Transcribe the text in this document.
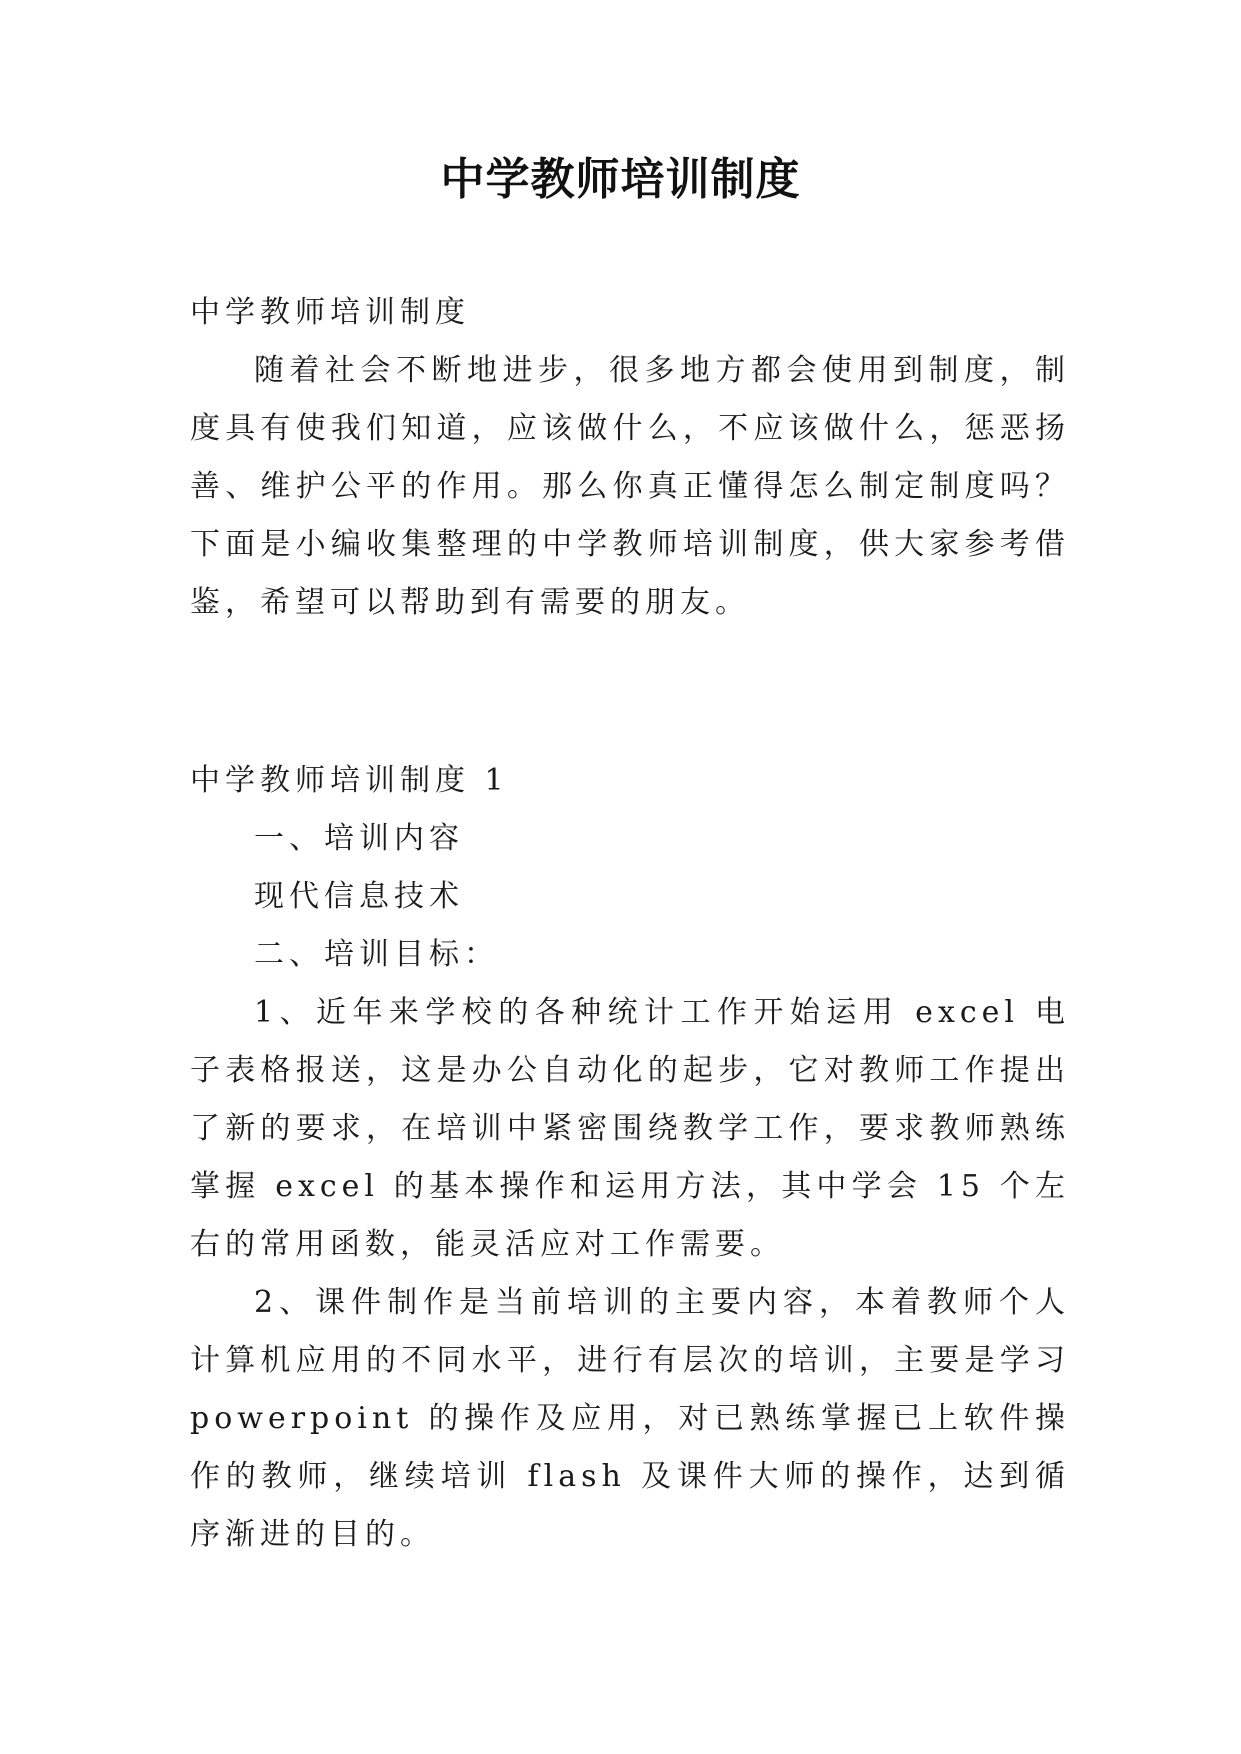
中学教师培训制度

中学教师培训制度

随着社会不断地进步，很多地方都会使用到制度，制度具有使我们知道，应该做什么，不应该做什么，惩恶扬善、维护公平的作用。那么你真正懂得怎么制定制度吗？下面是小编收集整理的中学教师培训制度，供大家参考借鉴，希望可以帮助到有需要的朋友。

中学教师培训制度 1

一、培训内容

现代信息技术

二、培训目标：

1、近年来学校的各种统计工作开始运用 excel 电子表格报送，这是办公自动化的起步，它对教师工作提出了新的要求，在培训中紧密围绕教学工作，要求教师熟练掌握 excel 的基本操作和运用方法，其中学会 15 个左右的常用函数，能灵活应对工作需要。

2、课件制作是当前培训的主要内容，本着教师个人计算机应用的不同水平，进行有层次的培训，主要是学习 powerpoint 的操作及应用，对已熟练掌握已上软件操作的教师，继续培训 flash 及课件大师的操作，达到循序渐进的目的。
